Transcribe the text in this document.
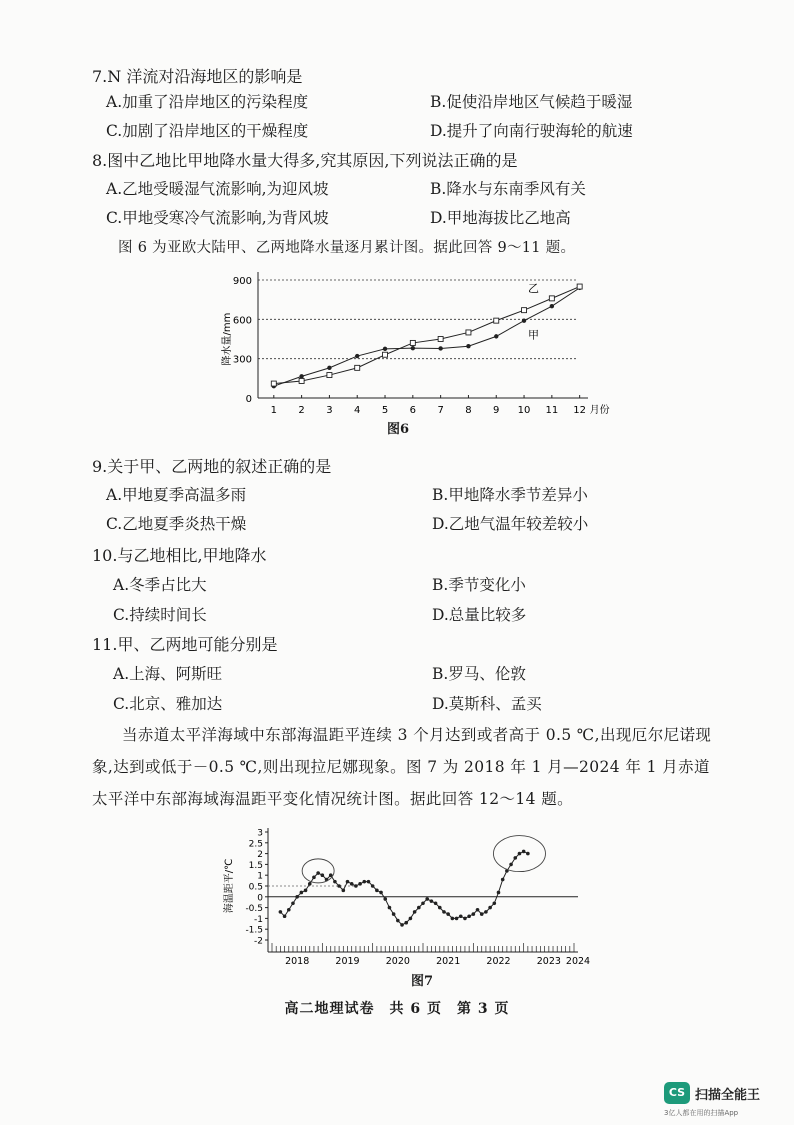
7.N 洋流对沿海地区的影响是
A.加重了沿岸地区的污染程度	B.促使沿岸地区气候趋于暖湿
C.加剧了沿岸地区的干燥程度	D.提升了向南行驶海轮的航速
8.图中乙地比甲地降水量大得多,究其原因,下列说法正确的是
A.乙地受暖湿气流影响,为迎风坡	B.降水与东南季风有关
C.甲地受寒冷气流影响,为背风坡	D.甲地海拔比乙地高
图 6 为亚欧大陆甲、乙两地降水量逐月累计图。据此回答 9～11 题。
0
300
600
900
降水量/mm
1 2 3 4 5 6 7 8 9 10 11 12 月份
甲
乙
图6
9.关于甲、乙两地的叙述正确的是
A.甲地夏季高温多雨	B.甲地降水季节差异小
C.乙地夏季炎热干燥	D.乙地气温年较差较小
10.与乙地相比,甲地降水
A.冬季占比大	B.季节变化小
C.持续时间长	D.总量比较多
11.甲、乙两地可能分别是
A.上海、阿斯旺	B.罗马、伦敦
C.北京、雅加达	D.莫斯科、孟买
当赤道太平洋海域中东部海温距平连续 3 个月达到或者高于 0.5 ℃,出现厄尔尼诺现象,达到或低于－0.5 ℃,则出现拉尼娜现象。图 7 为 2018 年 1 月—2024 年 1 月赤道太平洋中东部海域海温距平变化情况统计图。据此回答 12～14 题。
-2
-1.5
-1
-0.5
0
0.5
1
1.5
2
2.5
3
海温距平/℃
2018	2019	2020	2021	2022	2023 2024
图7
高二地理试卷　共 6 页　第 3 页
CS 扫描全能王
3亿人都在用的扫描App
